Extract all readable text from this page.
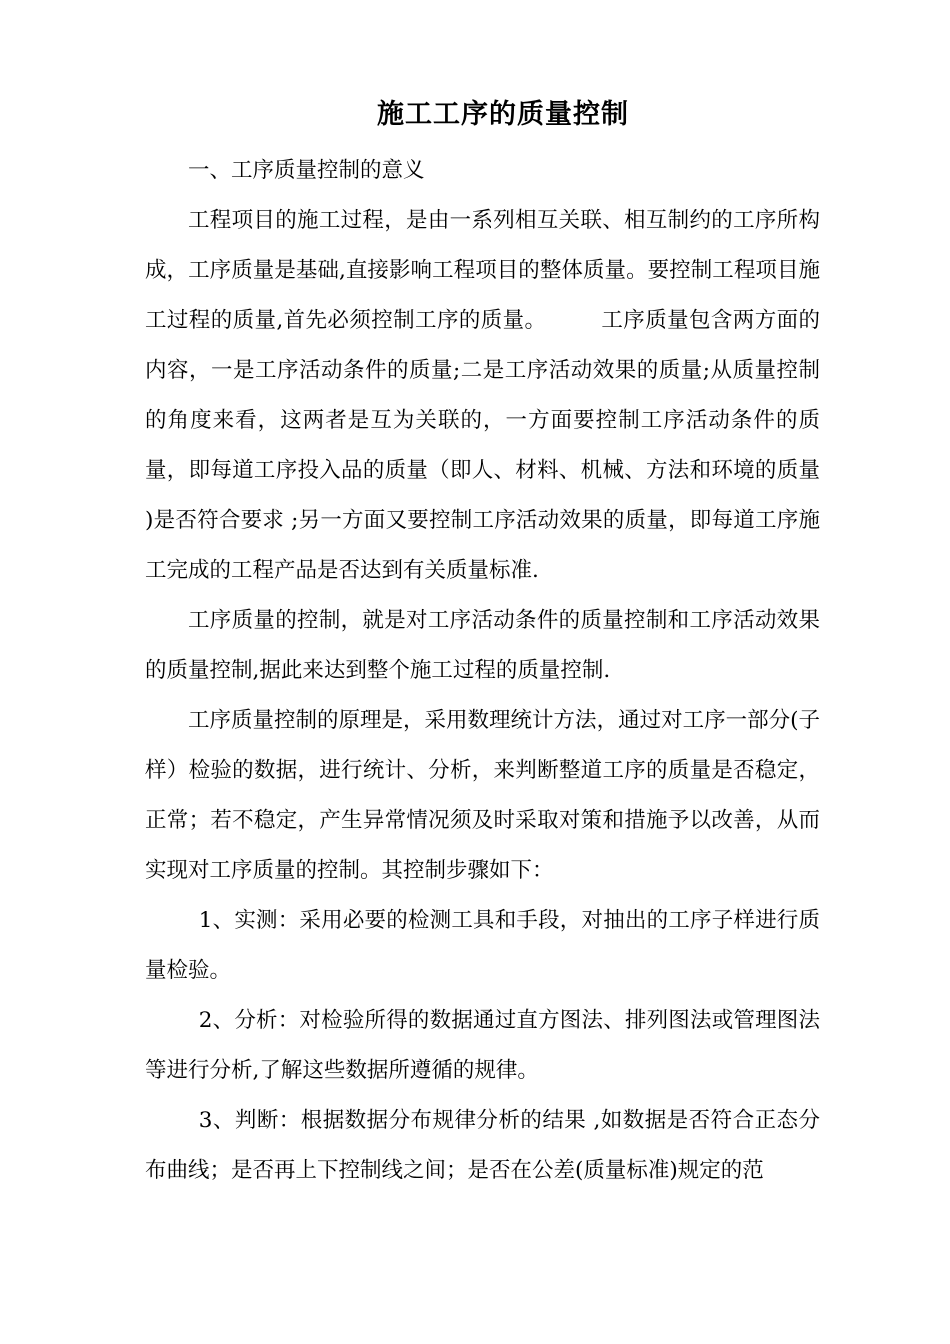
施工工序的质量控制

一、工序质量控制的意义

工程项目的施工过程，是由一系列相互关联、相互制约的工序所构成，工序质量是基础,直接影响工程项目的整体质量。要控制工程项目施工过程的质量,首先必须控制工序的质量。　　　工序质量包含两方面的内容，一是工序活动条件的质量;二是工序活动效果的质量;从质量控制的角度来看，这两者是互为关联的，一方面要控制工序活动条件的质量，即每道工序投入品的质量（即人、材料、机械、方法和环境的质量 )是否符合要求 ;另一方面又要控制工序活动效果的质量，即每道工序施工完成的工程产品是否达到有关质量标准.

工序质量的控制，就是对工序活动条件的质量控制和工序活动效果的质量控制,据此来达到整个施工过程的质量控制.

工序质量控制的原理是，采用数理统计方法，通过对工序一部分(子样）检验的数据，进行统计、分析，来判断整道工序的质量是否稳定，正常；若不稳定，产生异常情况须及时采取对策和措施予以改善，从而实现对工序质量的控制。其控制步骤如下：

1、实测：采用必要的检测工具和手段，对抽出的工序子样进行质量检验。

2、分析：对检验所得的数据通过直方图法、排列图法或管理图法等进行分析,了解这些数据所遵循的规律。

3、判断：根据数据分布规律分析的结果 ,如数据是否符合正态分布曲线；是否再上下控制线之间；是否在公差(质量标准)规定的范
